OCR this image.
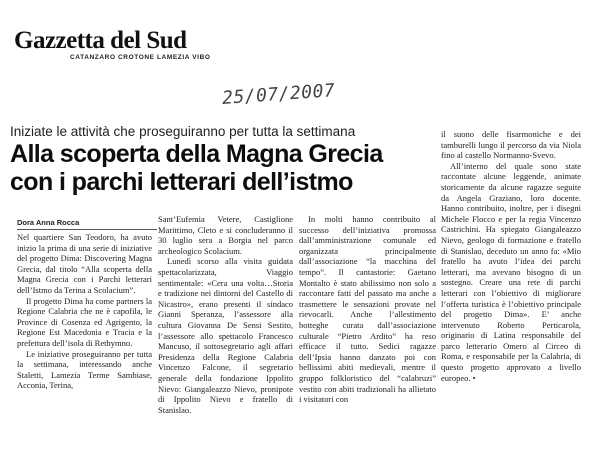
Gazzetta del Sud
CATANZARO CROTONE LAMEZIA VIBO
25/07/2007
Iniziate le attività che proseguiranno per tutta la settimana
Alla scoperta della Magna Grecia
con i parchi letterari dell’istmo
Dora Anna Rocca

Nel quartiere San Teodoro, ha avuto inizio la prima di una serie di iniziative del progetto Dima: Discovering Magna Grecia, dal titolo “Alla scoperta della Magna Grecia con i Parchi letterari dell’Istmo da Terina a Scolacium”.

Il progetto Dima ha come partners la Regione Calabria che ne è capofila, le Province di Cosenza ed Agrigento, la Regione Est Macedonia e Tracia e la prefettura dell’isola di Rethymno.

Le iniziative proseguiranno per tutta la settimana, interessando anche Staletti, Lamezia Terme Sambiase, Acconia, Terina,

Sant’Eufemia Vetere, Castiglione Marittimo, Cleto e si concluderanno il 30 luglio sera a Borgia nel parco archeologico Scolacium.

Lunedì scorso alla visita guidata spettacolarizzata, Viaggio sentimentale: «Cera una volta…Storia e tradizione nei dintorni del Castello di Nicastro», erano presenti il sindaco Gianni Speranza, l’assessore alla cultura Giovanna De Sensi Sestito, l’assessore allo spettacolo Francesco Mancuso, il sottosegretario agli affari Presidenza della Regione Calabria Vincenzo Falcone, il segretario generale della fondazione Ippolito Nievo: Giangaleazzo Nievo, pronipote di Ippolito Nievo e fratello di Stanislao.

In molti hanno contribuito al successo dell’iniziativa promossa dall’amministrazione comunale ed organizzata principalmente dall’associazione “la macchina del tempo”. Il cantastorie: Gaetano Montalto è stato abilissimo non solo a raccontare fatti del passato ma anche a trasmettere le sensazioni provate nel rievocarli. Anche l’allestimento botteghe curata dall’associazione culturale “Pietro Ardito” ha reso efficace il tutto. Sedici ragazze dell’Ipsia hanno danzato poi con bellissimi abiti medievali, mentre il gruppo folkloristico del “calabruzi” vestito con abiti tradizionali ha allietato i visitatori con

il suono delle fisarmoniche e dei tamburelli lungo il percorso da via Niola fino al castello Normanno-Svevo.

All’interno del quale sono state raccontate alcune leggende, animate storicamente da alcune ragazze seguite da Angela Graziano, loro docente. Hanno contribuito, inoltre, per i disegni Michele Flocco e per la regia Vincenzo Castrichini. Ha spiegato Giangaleazzo Nievo, geologo di formazione e fratello di Stanislao, deceduto un anno fa: «Mio fratello ha avuto l’idea dei parchi letterari, ma avevano bisogno di un sostegno. Creare una rete di parchi letterari con l’obiettivo di migliorare l’offerta turistica è l’obiettivo principale del progetto Dima». E’ anche intervenuto Roberto Perticarola, originario di Latina responsabile del parco letterario Omero al Circeo di Roma, e responsabile per la Calabria, di questo progetto approvato a livello europeo. •
